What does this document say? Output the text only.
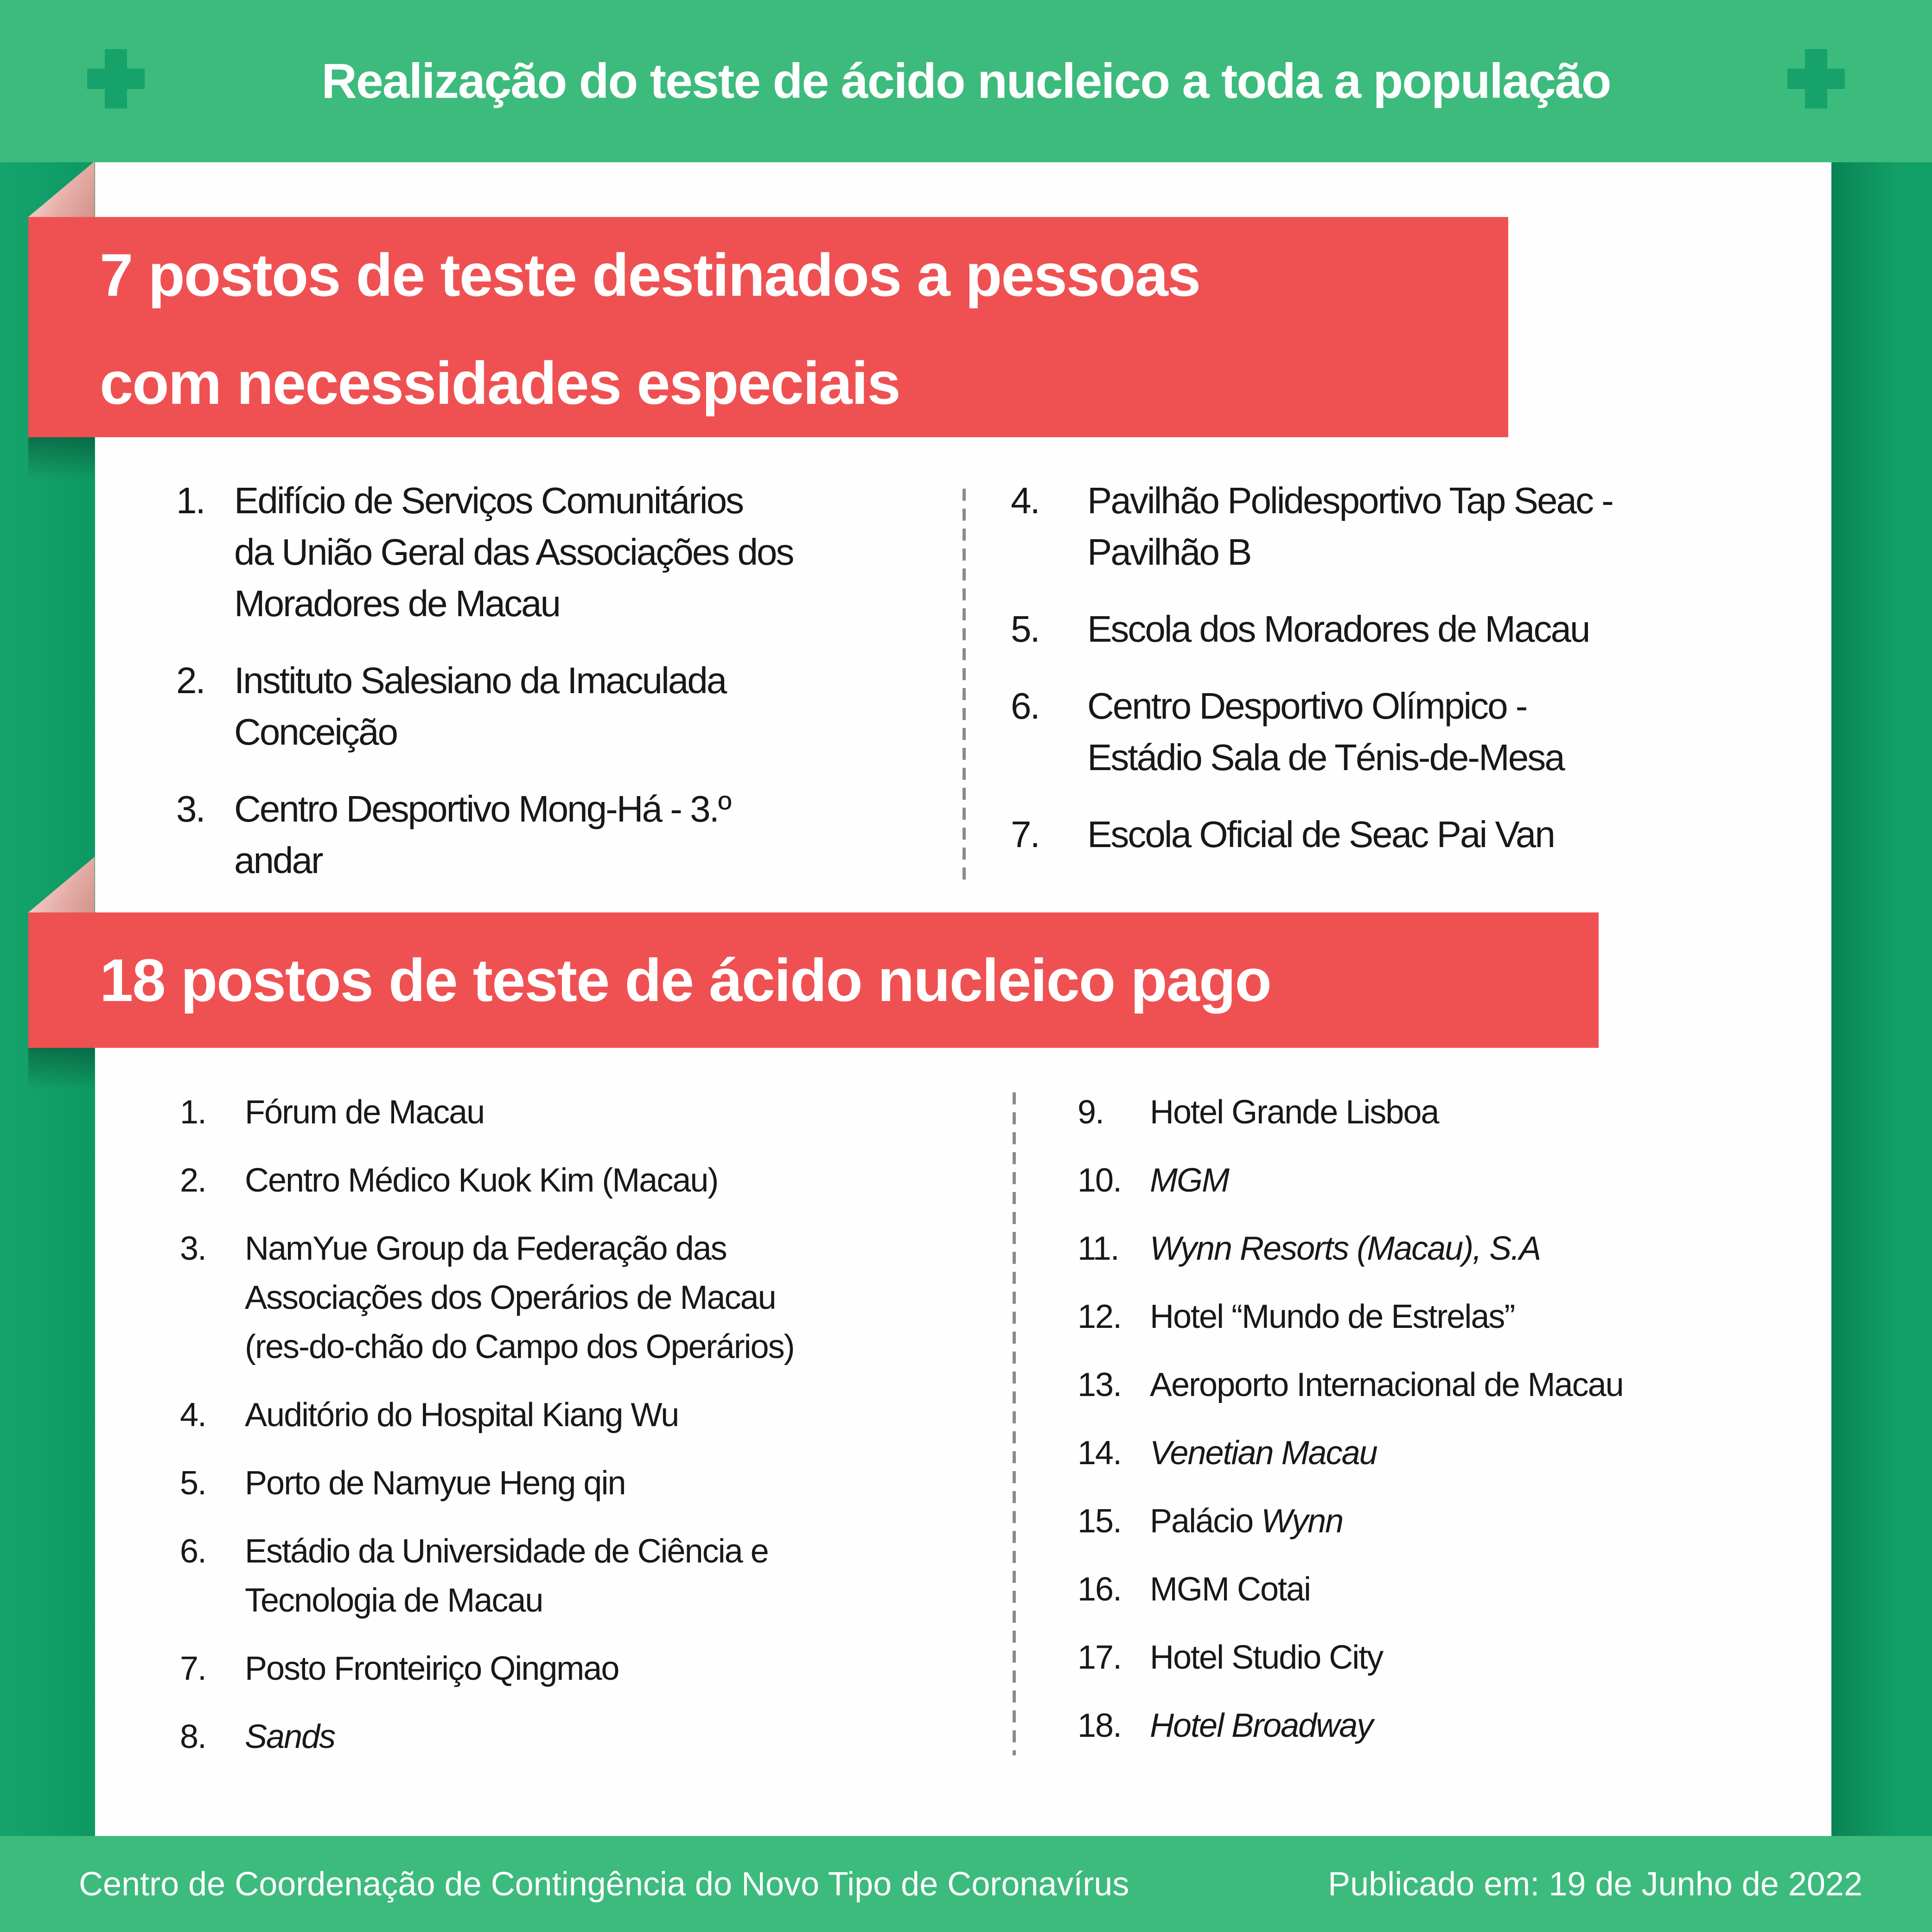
Realização do teste de ácido nucleico a toda a população
7 postos de teste destinados a pessoas
com necessidades especiais
1. Edifício de Serviços Comunitários
da União Geral das Associações dos
Moradores de Macau
2. Instituto Salesiano da Imaculada
Conceição
3. Centro Desportivo Mong-Há - 3.º
andar
4.	Pavilhão Polidesportivo Tap Seac -
Pavilhão B
5.	Escola dos Moradores de Macau
6.	Centro Desportivo Olímpico -
Estádio Sala de Ténis-de-Mesa
7.	Escola Oficial de Seac Pai Van
18 postos de teste de ácido nucleico pago
1.	Fórum de Macau
2.	Centro Médico Kuok Kim (Macau)
3.	NamYue Group da Federação das
Associações dos Operários de Macau
(res-do-chão do Campo dos Operários)
4.	Auditório do Hospital Kiang Wu
5.	Porto de Namyue Heng qin
6.	Estádio da Universidade de Ciência e
Tecnologia de Macau
7.	Posto Fronteiriço Qingmao
8.	Sands
9.	Hotel Grande Lisboa
10. MGM
11. Wynn Resorts (Macau), S.A
12. Hotel “Mundo de Estrelas”
13. Aeroporto Internacional de Macau
14. Venetian Macau
15. Palácio Wynn
16. MGM Cotai
17. Hotel Studio City
18. Hotel Broadway
Centro de Coordenação de Contingência do Novo Tipo de Coronavírus	Publicado em: 19 de Junho de 2022
